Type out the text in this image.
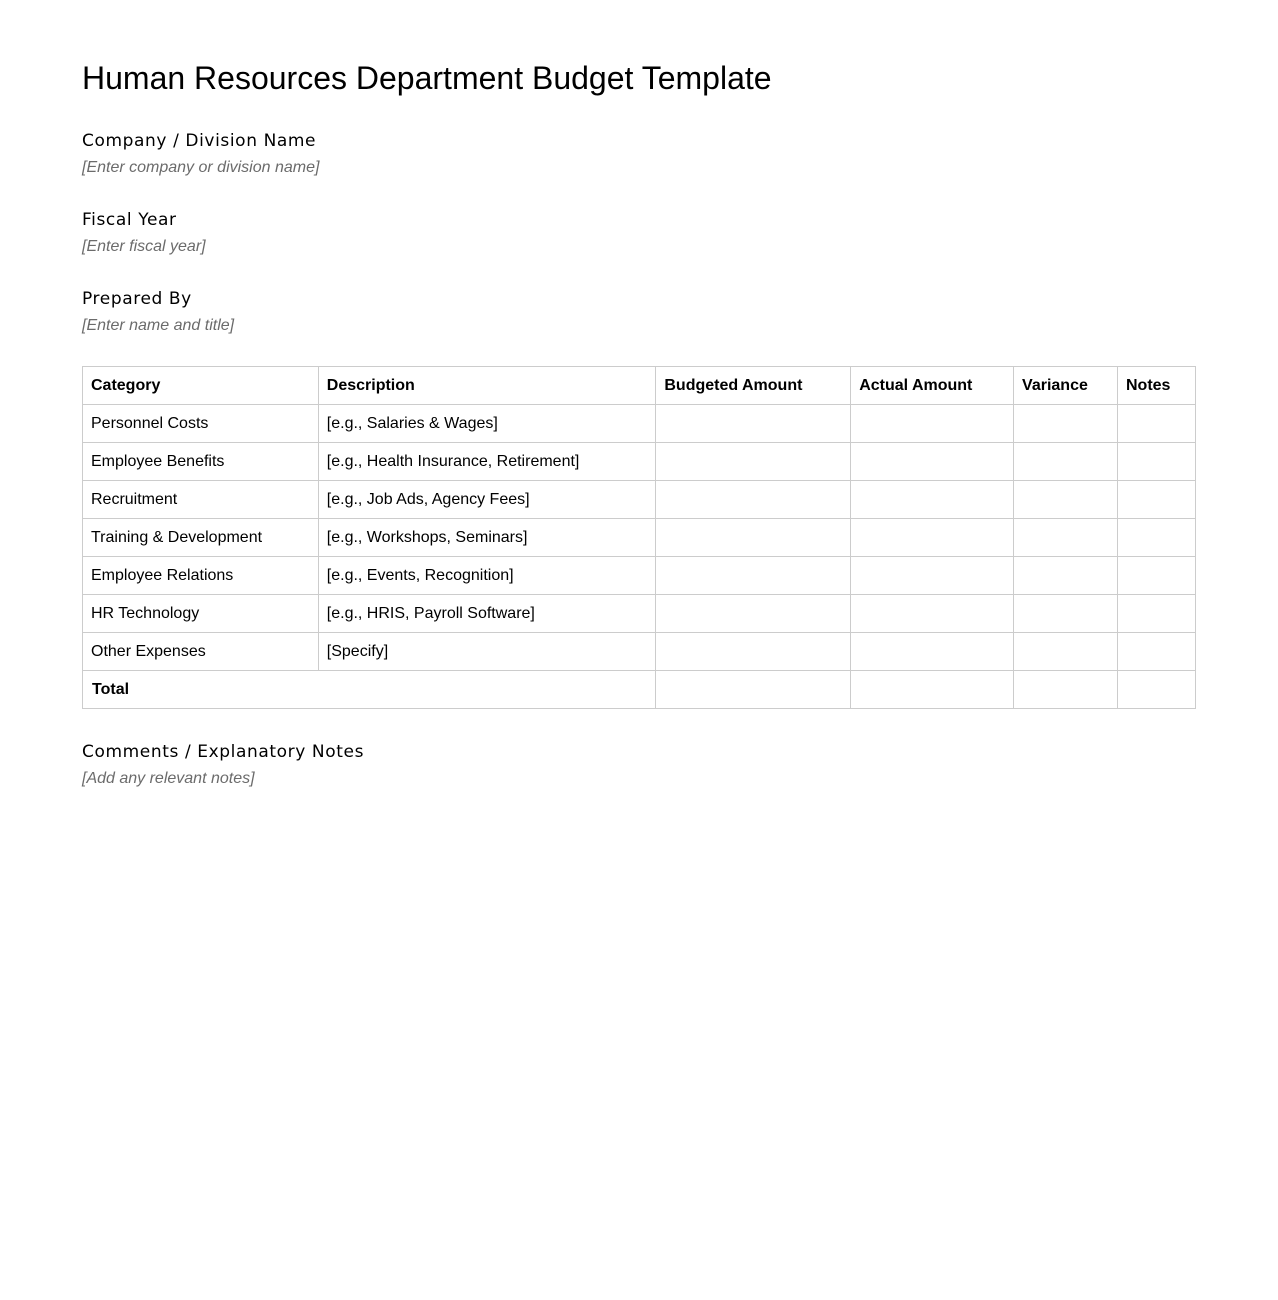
Human Resources Department Budget Template
Company / Division Name
[Enter company or division name]
Fiscal Year
[Enter fiscal year]
Prepared By
[Enter name and title]
Category	Description	Budgeted Amount	Actual Amount	Variance	Notes
Personnel Costs	[e.g., Salaries & Wages]				
Employee Benefits	[e.g., Health Insurance, Retirement]				
Recruitment	[e.g., Job Ads, Agency Fees]				
Training & Development	[e.g., Workshops, Seminars]				
Employee Relations	[e.g., Events, Recognition]				
HR Technology	[e.g., HRIS, Payroll Software]				
Other Expenses	[Specify]				
Total					
Comments / Explanatory Notes
[Add any relevant notes]
